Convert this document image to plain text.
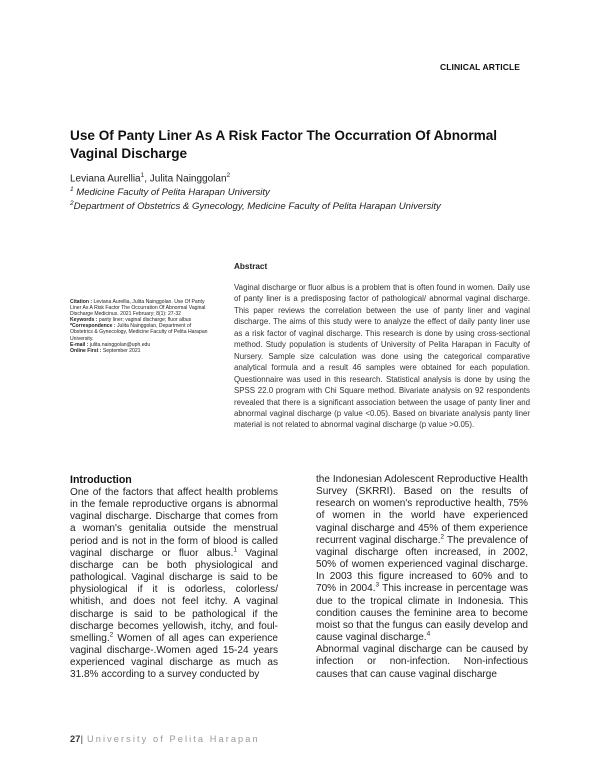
CLINICAL ARTICLE
Use Of Panty Liner As A Risk Factor The Occurration Of Abnormal Vaginal Discharge
Leviana Aurellia$^1$, Julita Nainggolan$^2$
$^1$ Medicine Faculty of Pelita Harapan University
$^2$Department of Obstetrics & Gynecology, Medicine Faculty of Pelita Harapan University
Abstract
Vaginal discharge or fluor albus is a problem that is often found in women. Daily use of panty liner is a predisposing factor of pathological/ abnormal vaginal discharge. This paper reviews the correlation between the use of panty liner and vaginal discharge. The aims of this study were to analyze the effect of daily panty liner use as a risk factor of vaginal discharge. This research is done by using cross-sectional method. Study population is students of University of Pelita Harapan in Faculty of Nursery. Sample size calculation was done using the categorical comparative analytical formula and a result 46 samples were obtained for each population. Questionnaire was used in this research. Statistical analysis is done by using the SPSS 22.0 program with Chi Square method. Bivariate analysis on 92 respondents revealed that there is a significant association between the usage of panty liner and abnormal vaginal discharge (p value <0.05). Based on bivariate analysis panty liner material is not related to abnormal vaginal discharge (p value >0.05).
Citation : Leviana Aurellia, Julita Nainggolan. Use Of Panty Liner As A Risk Factor The Occurration Of Abnormal Vaginal Discharge Medicinus. 2021 February; 8(1): 27-32
Keywords : panty liner; vaginal discharge; fluor albus
*Correspondence : Julita Nainggolan, Department of Obstetrics & Gynecology, Medicine Faculty of Pelita Harapan University.
E-mail : julita.nainggolan@uph.edu
Online First : September 2021
Introduction
One of the factors that affect health problems in the female reproductive organs is abnormal vaginal discharge. Discharge that comes from a woman's genitalia outside the menstrual period and is not in the form of blood is called vaginal discharge or fluor albus.$^1$ Vaginal discharge can be both physiological and pathological. Vaginal discharge is said to be physiological if it is odorless, colorless/ whitish, and does not feel itchy. A vaginal discharge is said to be pathological if the discharge becomes yellowish, itchy, and foul-smelling.$^2$ Women of all ages can experience vaginal discharge-.Women aged 15-24 years experienced vaginal discharge as much as 31.8% according to a survey conducted by
the Indonesian Adolescent Reproductive Health Survey (SKRRI). Based on the results of research on women's reproductive health, 75% of women in the world have experienced vaginal discharge and 45% of them experience recurrent vaginal discharge.$^2$ The prevalence of vaginal discharge often increased, in 2002, 50% of women experienced vaginal discharge. In 2003 this figure increased to 60% and to 70% in 2004.$^3$ This increase in percentage was due to the tropical climate in Indonesia. This condition causes the feminine area to become moist so that the fungus can easily develop and cause vaginal discharge.$^4$
Abnormal vaginal discharge can be caused by infection or non-infection. Non-infectious causes that can cause vaginal discharge
27| University of Pelita Harapan
